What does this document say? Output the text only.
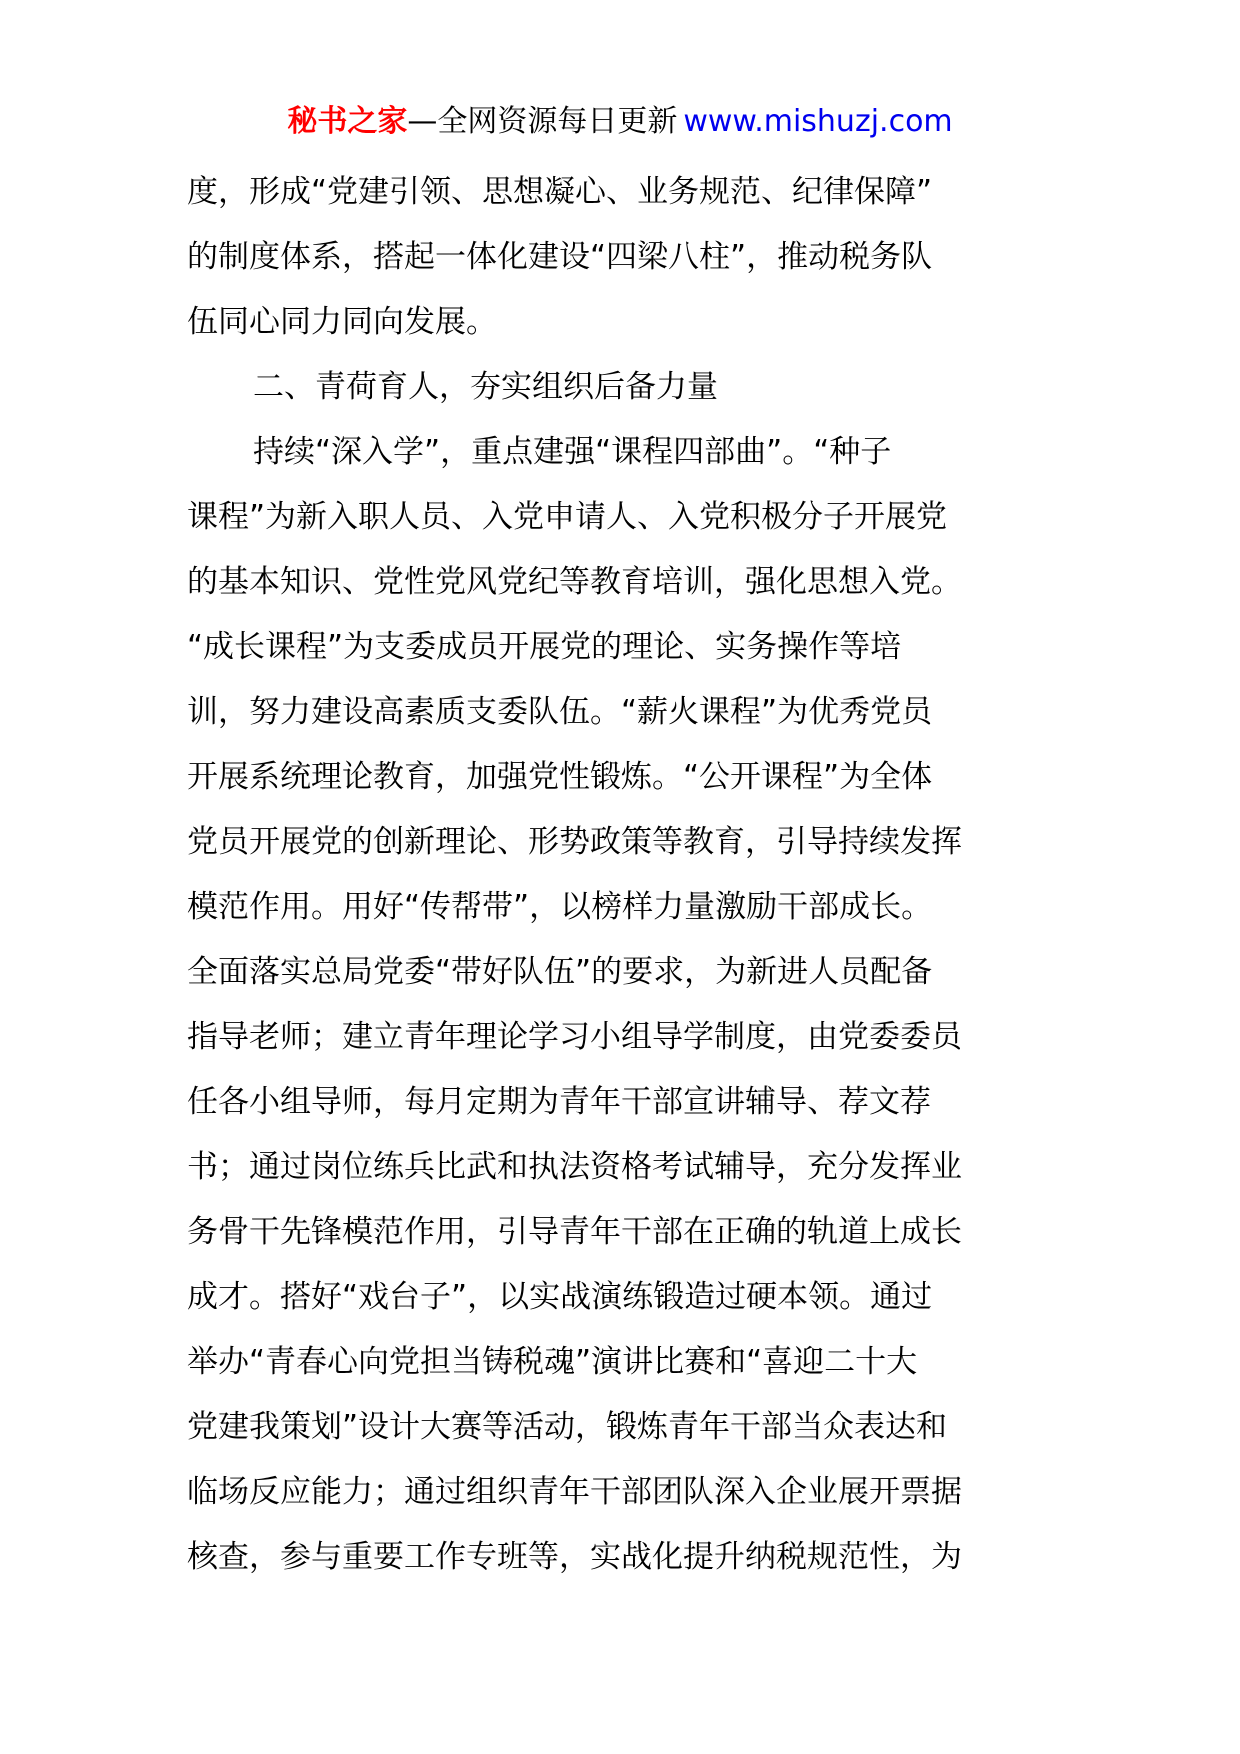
秘书之家—全网资源每日更新 www.mishuzj.com
度，形成“党建引领、思想凝心、业务规范、纪律保障”
的制度体系，搭起一体化建设“四梁八柱”，推动税务队
伍同心同力同向发展。
二、青荷育人，夯实组织后备力量
持续“深入学”，重点建强“课程四部曲”。“种子
课程”为新入职人员、入党申请人、入党积极分子开展党
的基本知识、党性党风党纪等教育培训，强化思想入党。
“成长课程”为支委成员开展党的理论、实务操作等培
训，努力建设高素质支委队伍。“薪火课程”为优秀党员
开展系统理论教育，加强党性锻炼。“公开课程”为全体
党员开展党的创新理论、形势政策等教育，引导持续发挥
模范作用。用好“传帮带”，以榜样力量激励干部成长。
全面落实总局党委“带好队伍”的要求，为新进人员配备
指导老师；建立青年理论学习小组导学制度，由党委委员
任各小组导师，每月定期为青年干部宣讲辅导、荐文荐
书；通过岗位练兵比武和执法资格考试辅导，充分发挥业
务骨干先锋模范作用，引导青年干部在正确的轨道上成长
成才。搭好“戏台子”，以实战演练锻造过硬本领。通过
举办“青春心向党担当铸税魂”演讲比赛和“喜迎二十大
党建我策划”设计大赛等活动，锻炼青年干部当众表达和
临场反应能力；通过组织青年干部团队深入企业展开票据
核查，参与重要工作专班等，实战化提升纳税规范性，为
